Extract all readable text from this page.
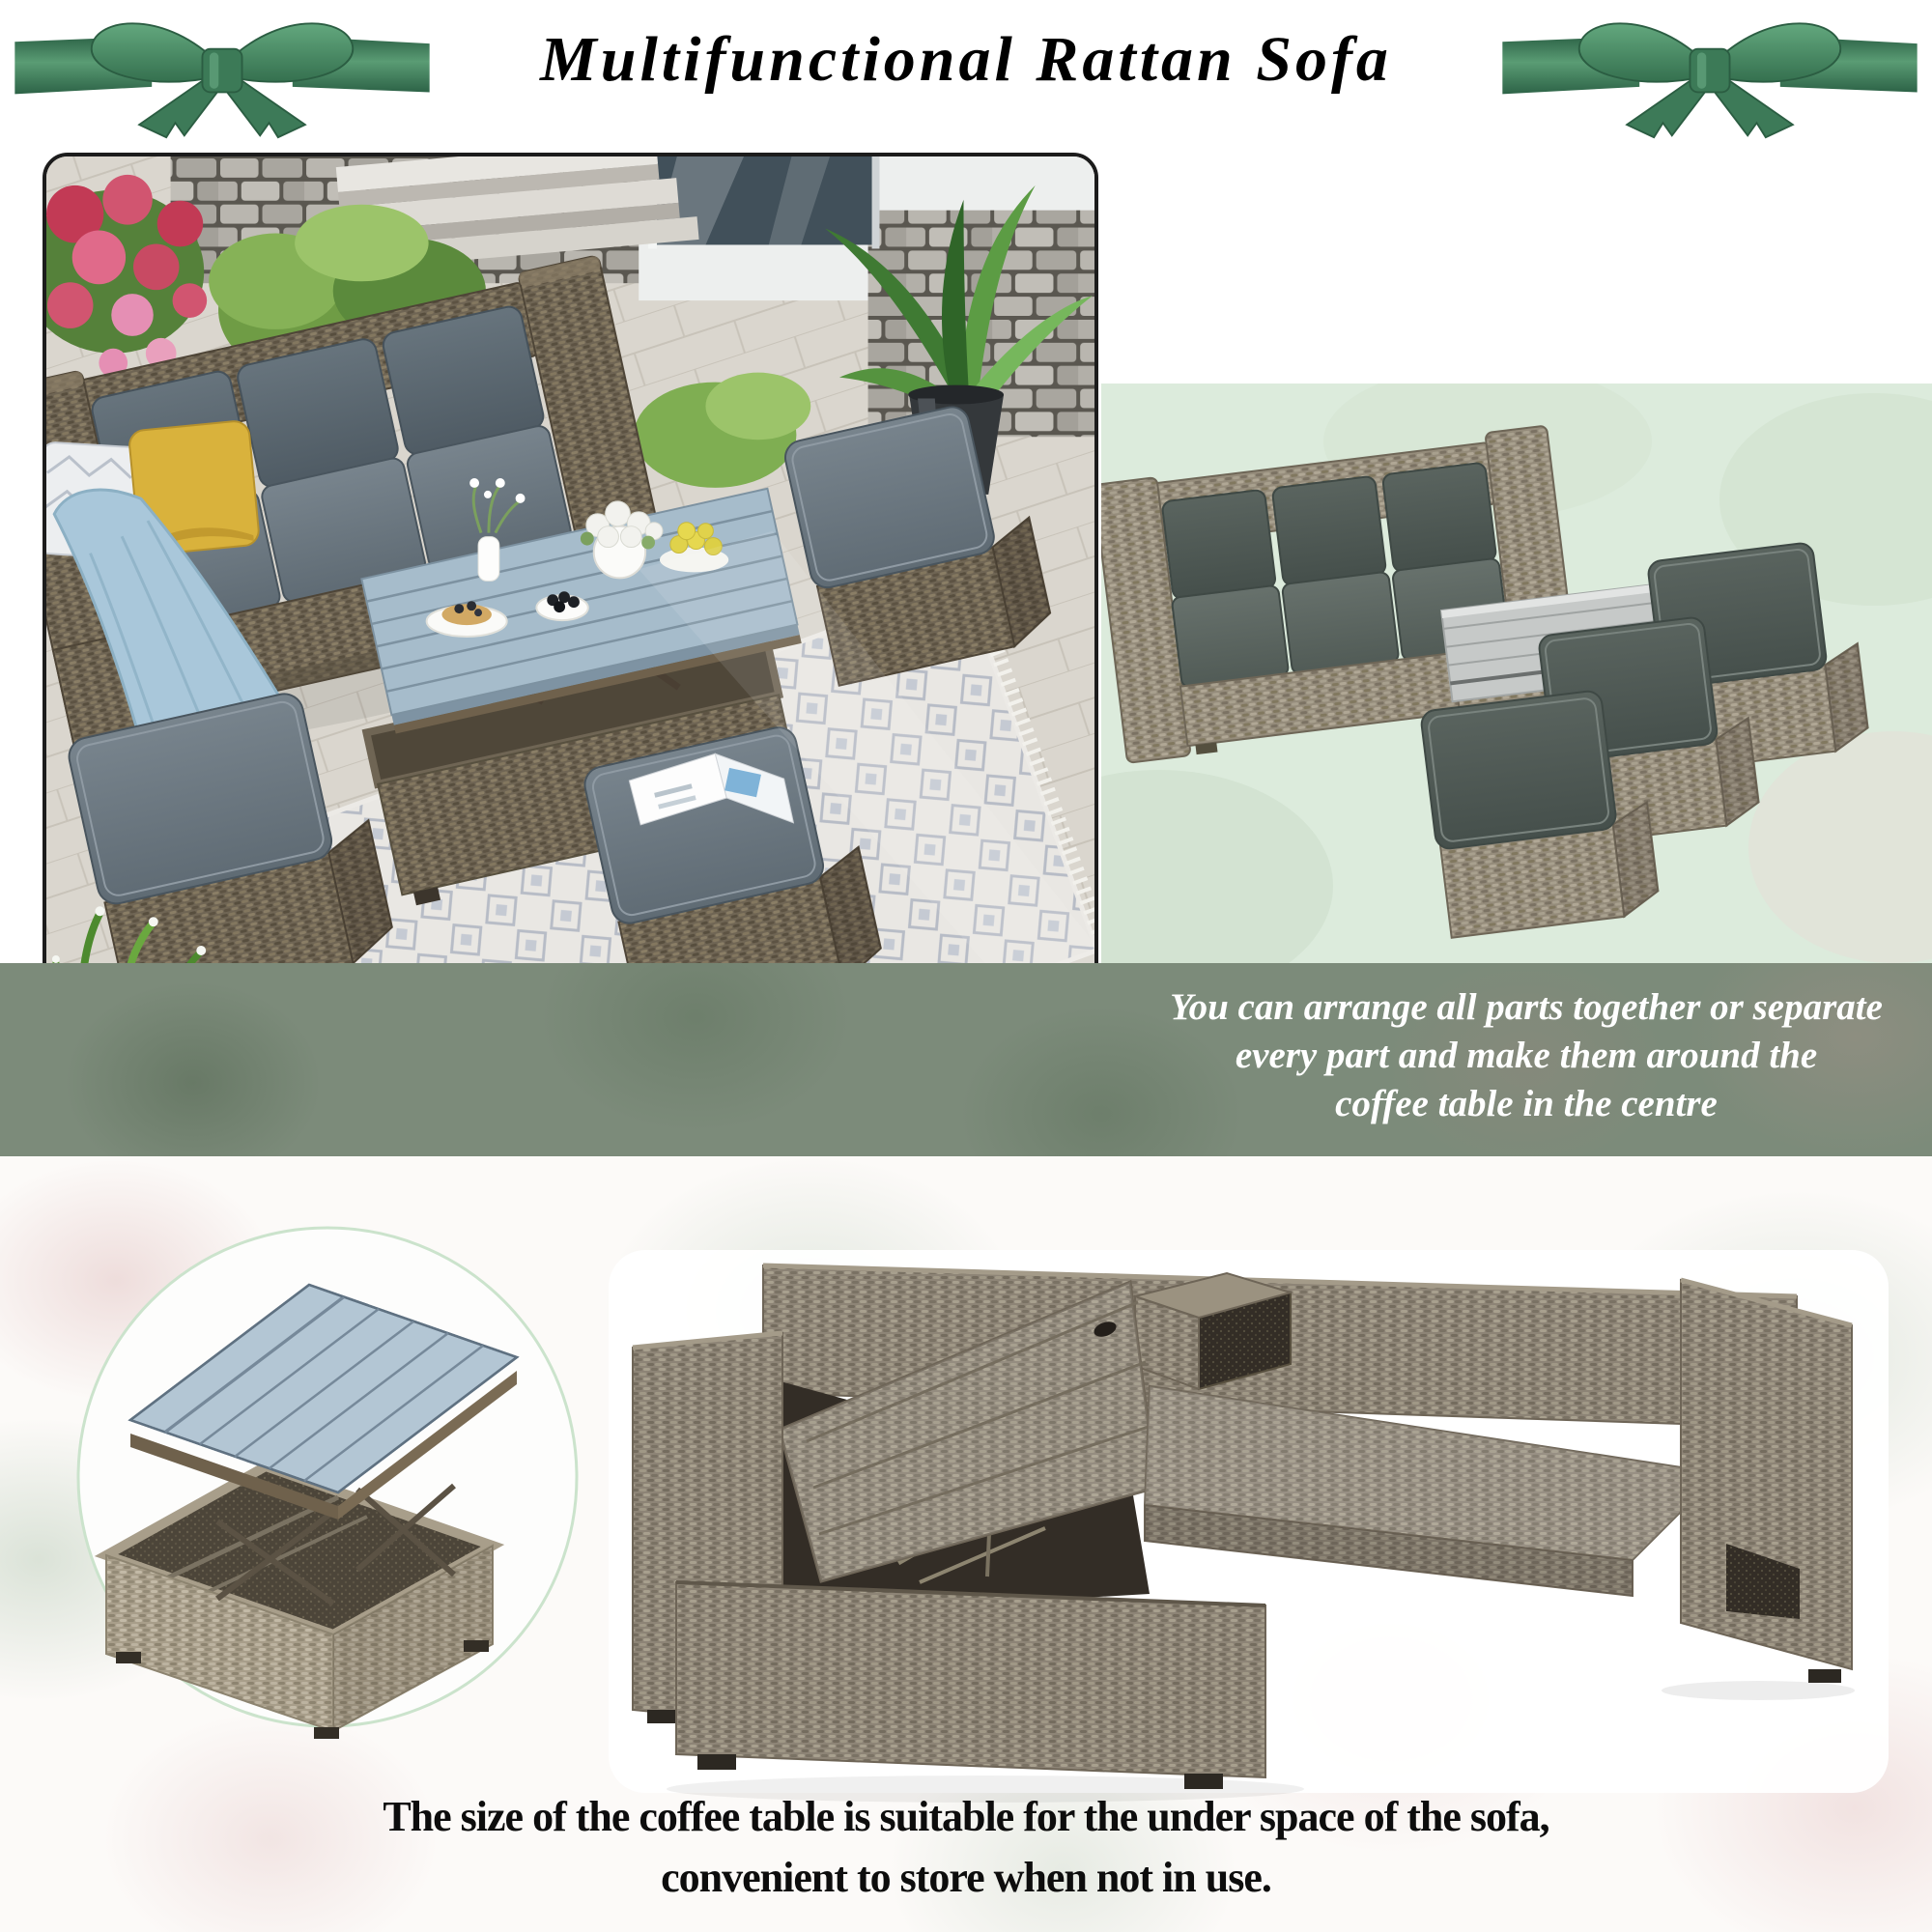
Multifunctional Rattan Sofa
You can arrange all parts together or separate
every part and make them around the
coffee table in the centre
The size of the coffee table is suitable for the under space of the sofa,
convenient to store when not in use.
